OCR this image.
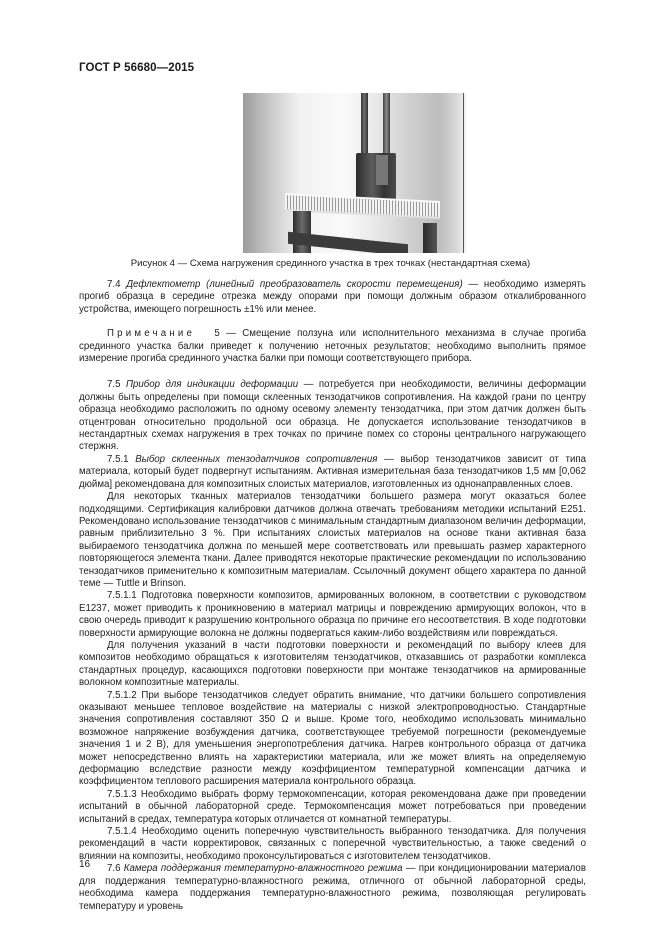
ГОСТ Р 56680—2015
Рисунок 4 — Схема нагружения срединного участка в трех точках (нестандартная схема)

7.4 Дефлектометр (линейный преобразователь скорости перемещения) — необходимо измерять прогиб образца в середине отрезка между опорами при помощи должным образом откалиброванного устройства, имеющего погрешность ±1% или менее.

Примечание 5 — Смещение ползуна или исполнительного механизма в случае прогиба срединного участка балки приведет к получению неточных результатов; необходимо выполнить прямое измерение прогиба срединного участка балки при помощи соответствующего прибора.

7.5 Прибор для индикации деформации — потребуется при необходимости, величины деформации должны быть определены при помощи склеенных тензодатчиков сопротивления. На каждой грани по центру образца необходимо расположить по одному осевому элементу тензодатчика, при этом датчик должен быть отцентрован относительно продольной оси образца. Не допускается использование тензодатчиков в нестандартных схемах нагружения в трех точках по причине помех со стороны центрального нагружающего стержня.

7.5.1 Выбор склеенных тензодатчиков сопротивления — выбор тензодатчиков зависит от типа материала, который будет подвергнут испытаниям. Активная измерительная база тензодатчиков 1,5 мм [0,062 дюйма] рекомендована для композитных слоистых материалов, изготовленных из однонаправленных слоев.

Для некоторых тканных материалов тензодатчики большего размера могут оказаться более подходящими. Сертификация калибровки датчиков должна отвечать требованиям методики испытаний E251. Рекомендовано использование тензодатчиков с минимальным стандартным диапазоном величин деформации, равным приблизительно 3 %. При испытаниях слоистых материалов на основе ткани активная база выбираемого тензодатчика должна по меньшей мере соответствовать или превышать размер характерного повторяющегося элемента ткани. Далее приводятся некоторые практические рекомендации по использованию тензодатчиков применительно к композитным материалам. Ссылочный документ общего характера по данной теме — Tuttle и Brinson.

7.5.1.1 Подготовка поверхности композитов, армированных волокном, в соответствии с руководством E1237, может приводить к проникновению в материал матрицы и повреждению армирующих волокон, что в свою очередь приводит к разрушению контрольного образца по причине его несоответствия. В ходе подготовки поверхности армирующие волокна не должны подвергаться каким-либо воздействиям или повреждаться.

Для получения указаний в части подготовки поверхности и рекомендаций по выбору клеев для композитов необходимо обращаться к изготовителям тензодатчиков, отказавшись от разработки комплекса стандартных процедур, касающихся подготовки поверхности при монтаже тензодатчиков на армированные волокном композитные материалы.

7.5.1.2 При выборе тензодатчиков следует обратить внимание, что датчики большего сопротивления оказывают меньшее тепловое воздействие на материалы с низкой электропроводностью. Стандартные значения сопротивления составляют 350 Ω и выше. Кроме того, необходимо использовать минимально возможное напряжение возбуждения датчика, соответствующее требуемой погрешности (рекомендуемые значения 1 и 2 В), для уменьшения энергопотребления датчика. Нагрев контрольного образца от датчика может непосредственно влиять на характеристики материала, или же может влиять на определяемую деформацию вследствие разности между коэффициентом температурной компенсации датчика и коэффициентом теплового расширения материала контрольного образца.

7.5.1.3 Необходимо выбрать форму термокомпенсации, которая рекомендована даже при проведении испытаний в обычной лабораторной среде. Термокомпенсация может потребоваться при проведении испытаний в средах, температура которых отличается от комнатной температуры.

7.5.1.4 Необходимо оценить поперечную чувствительность выбранного тензодатчика. Для получения рекомендаций в части корректировок, связанных с поперечной чувствительностью, а также сведений о влиянии на композиты, необходимо проконсультироваться с изготовителем тензодатчиков.

7.6 Камера поддержания температурно-влажностного режима — при кондиционировании материалов для поддержания температурно-влажностного режима, отличного от обычной лабораторной среды, необходима камера поддержания температурно-влажностного режима, позволяющая регулировать температуру и уровень

16
